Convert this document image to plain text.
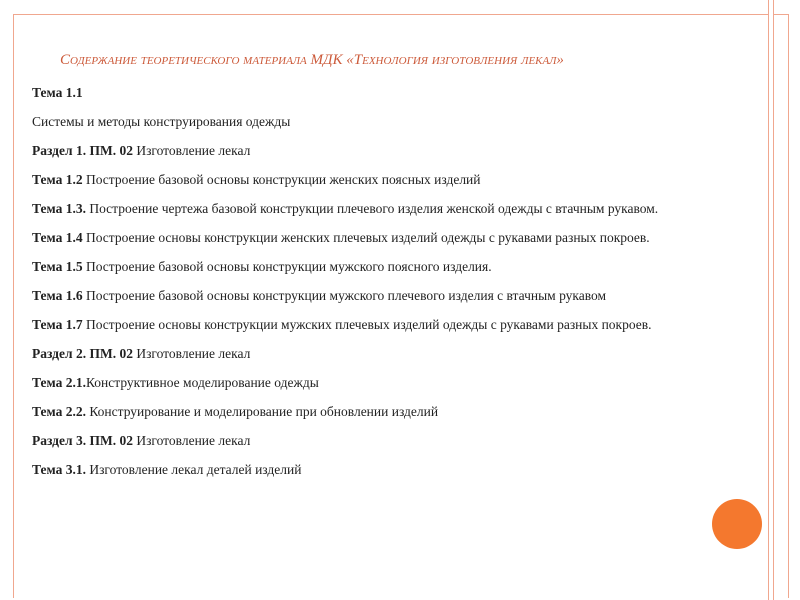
Содержание теоретического материала МДК «Технология изготовления лекал»
Тема 1.1
Системы и методы конструирования одежды
Раздел 1. ПМ. 02 Изготовление лекал
Тема 1.2 Построение базовой основы конструкции женских поясных изделий
Тема 1.3. Построение чертежа базовой конструкции плечевого изделия женской одежды с втачным рукавом.
Тема 1.4 Построение основы конструкции женских плечевых изделий одежды с рукавами разных покроев.
Тема 1.5 Построение базовой основы конструкции мужского поясного изделия.
Тема 1.6 Построение базовой основы конструкции мужского плечевого изделия с втачным рукавом
Тема 1.7 Построение основы конструкции мужских плечевых изделий одежды с рукавами разных покроев.
Раздел 2. ПМ. 02 Изготовление лекал
Тема 2.1.Конструктивное моделирование одежды
Тема 2.2. Конструирование и моделирование при обновлении изделий
Раздел 3. ПМ. 02 Изготовление лекал
Тема 3.1. Изготовление лекал деталей изделий
